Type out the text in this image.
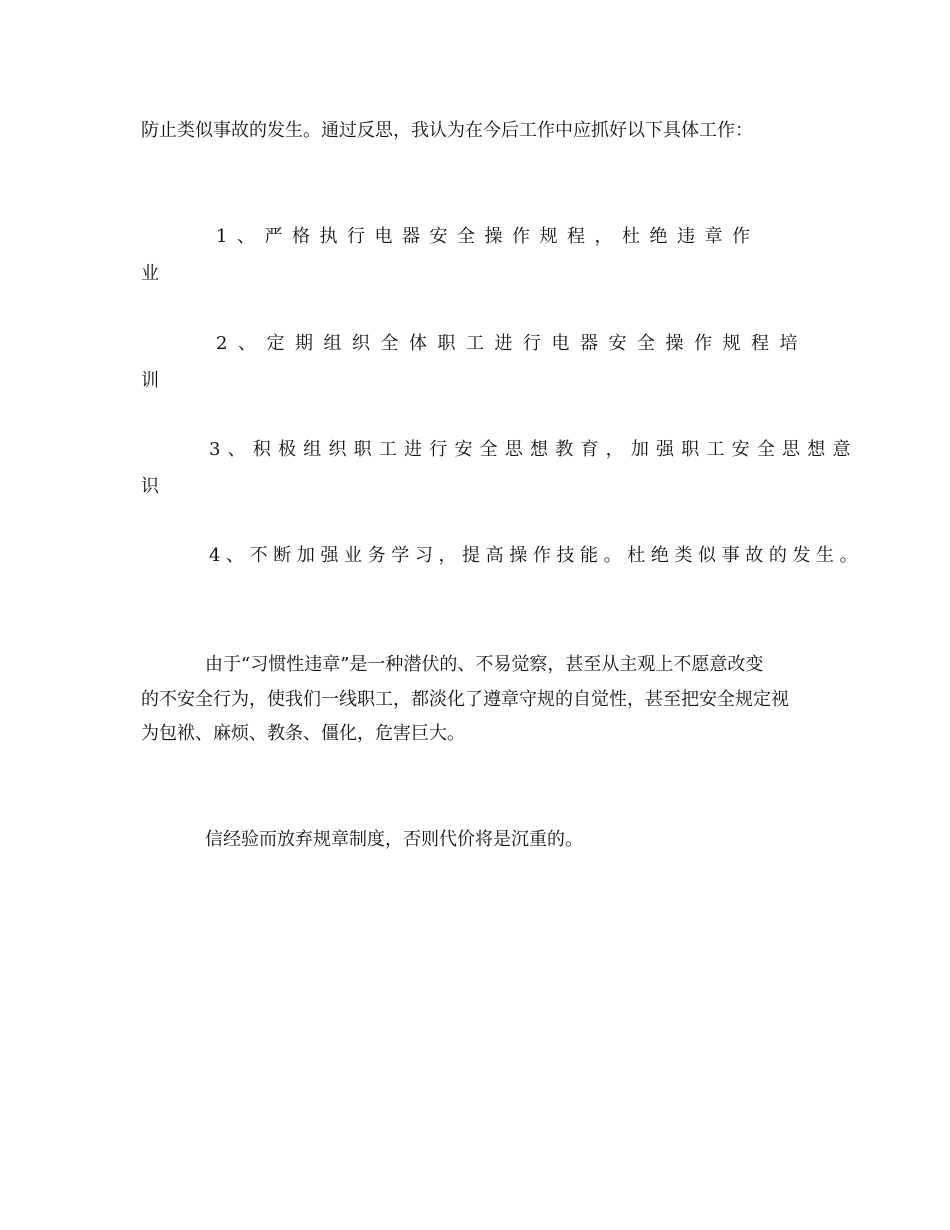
防止类似事故的发生。通过反思，我认为在今后工作中应抓好以下具体工作：
1、严格执行电器安全操作规程，杜绝违章作
业
2、定期组织全体职工进行电器安全操作规程培
训
3、积极组织职工进行安全思想教育，加强职工安全思想意
识
4、不断加强业务学习，提高操作技能。杜绝类似事故的发生。
由于“习惯性违章”是一种潜伏的、不易觉察，甚至从主观上不愿意改变
的不安全行为，使我们一线职工，都淡化了遵章守规的自觉性，甚至把安全规定视
为包袱、麻烦、教条、僵化，危害巨大。
信经验而放弃规章制度，否则代价将是沉重的。
